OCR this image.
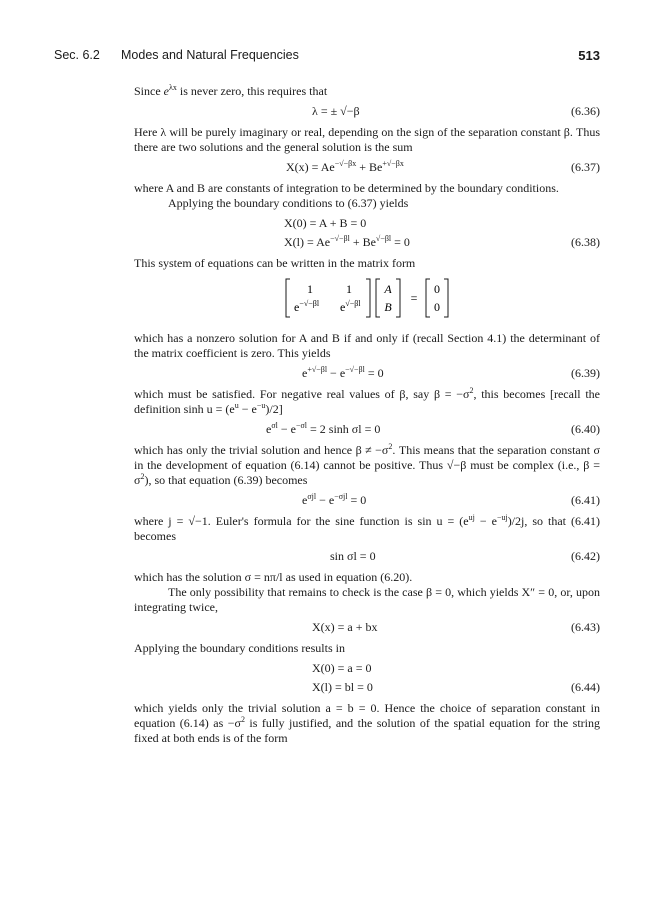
Sec. 6.2 Modes and Natural Frequencies	513

Since $e^{\lambda x}$ is never zero, this requires that

λ = ± √−β	(6.36)

Here λ will be purely imaginary or real, depending on the sign of the separation constant β. Thus there are two solutions and the general solution is the sum

$X(x) = Ae^{-√-\beta x} + Be^{+√-\beta x}$	(6.37)

where A and B are constants of integration to be determined by the boundary conditions.

Applying the boundary conditions to (6.37) yields

X(0) = A + B = 0
$X(l) = Ae^{-√-\beta l} + Be^{√-\beta l} = 0$	(6.38)

This system of equations can be written in the matrix form

1	1
$e^{-√-\beta l}$ $e^{√-\beta l}$
A
B
=
0
0

which has a nonzero solution for A and B if and only if (recall Section 4.1) the determinant of the matrix coefficient is zero. This yields

$e^{+√-\beta l} - e^{-√-\beta l} = 0$	(6.39)

which must be satisfied. For negative real values of β, say $\beta = -\sigma^2$, this becomes [recall the definition $\sinh u = (e^u - e^{-u})/2$]

$e^{\sigma l} - e^{-\sigma l} = 2$ sinh σl = 0	(6.40)

which has only the trivial solution and hence $\beta \ne -\sigma^2$. This means that the separation constant σ in the development of equation (6.14) cannot be positive. Thus √−β must be complex (i.e., $\beta = \sigma^2$), so that equation (6.39) becomes

$e^{\sigma jl} - e^{-\sigma jl} = 0$	(6.41)

where j = √−1. Euler's formula for the sine function is $\sin u = (e^{uj} - e^{-uj})/2j$, so that (6.41) becomes

sin σl = 0	(6.42)

which has the solution σ = nπ/l as used in equation (6.20).

The only possibility that remains to check is the case β = 0, which yields X″ = 0, or, upon integrating twice,

X(x) = a + bx	(6.43)

Applying the boundary conditions results in

X(0) = a = 0
X(l) = bl = 0	(6.44)

which yields only the trivial solution a = b = 0. Hence the choice of separation constant in equation (6.14) as $-\sigma^2$ is fully justified, and the solution of the spatial equation for the string fixed at both ends is of the form
